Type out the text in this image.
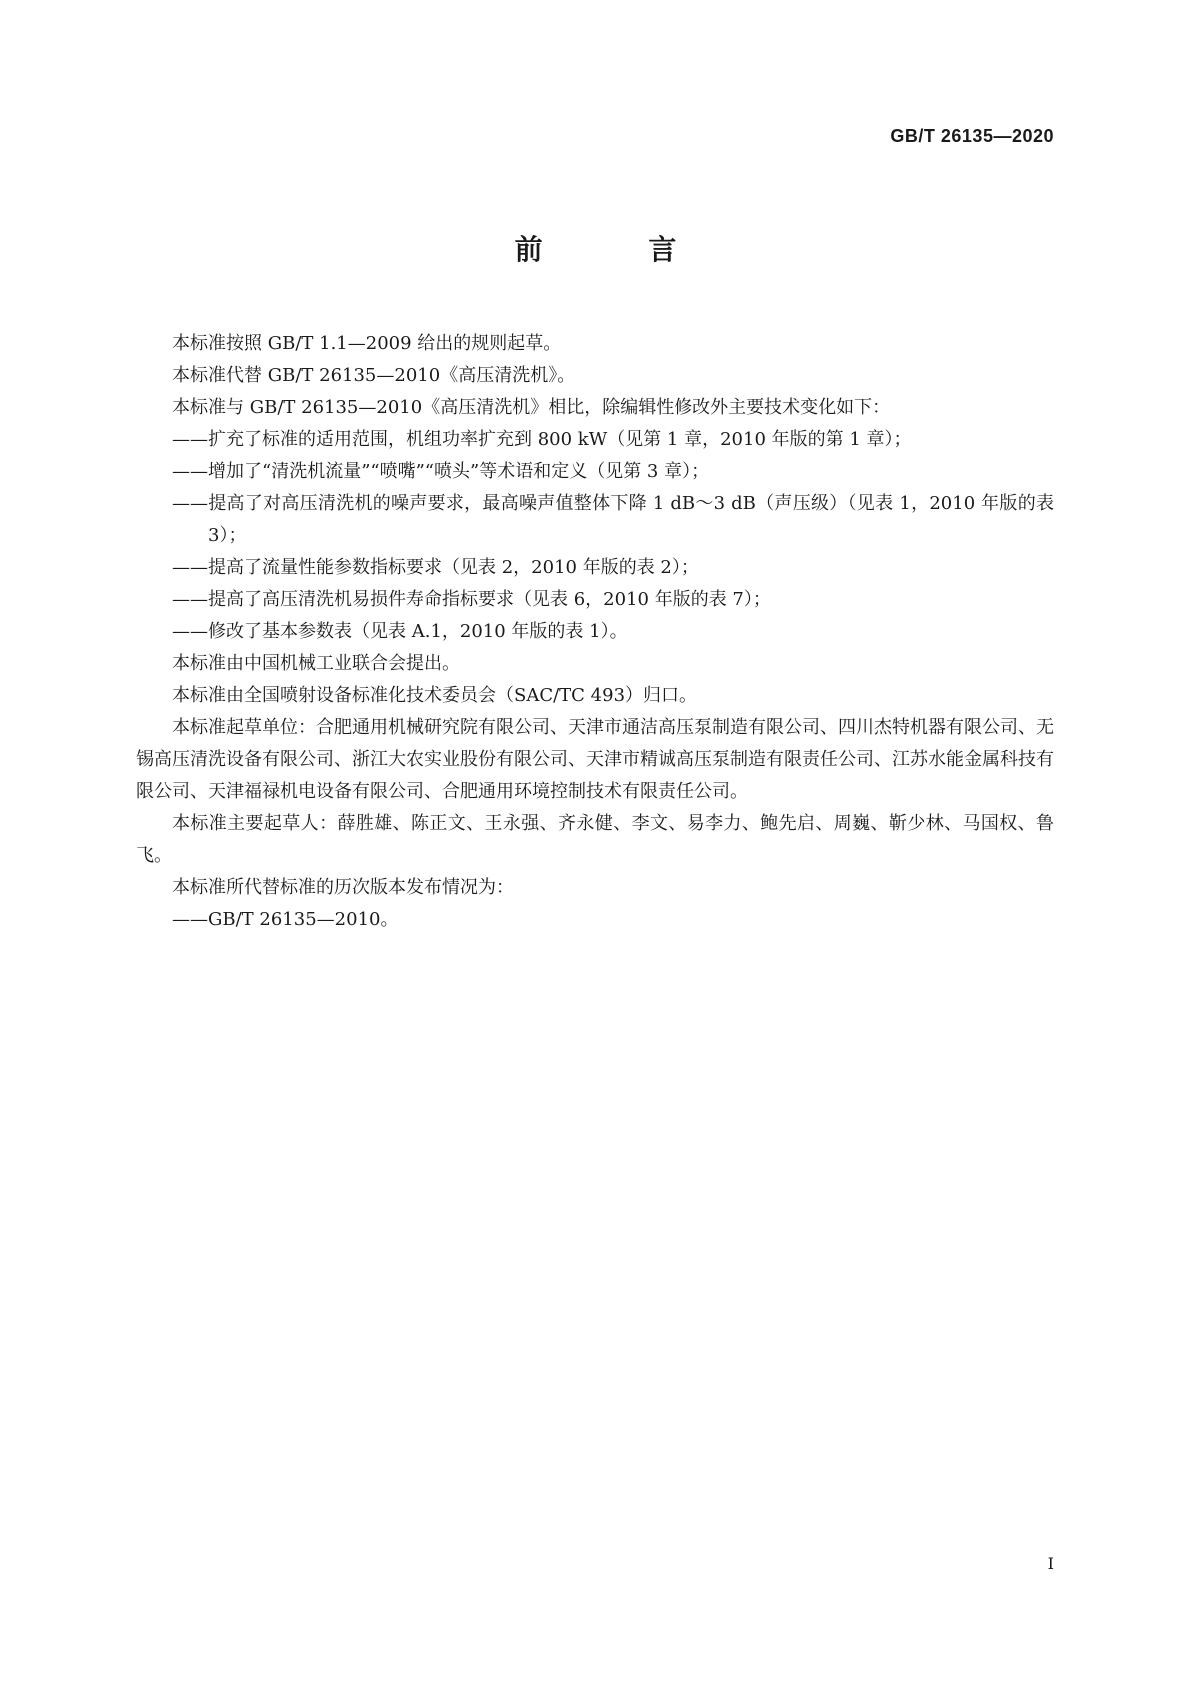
GB/T 26135—2020
前 言

本标准按照 GB/T 1.1—2009 给出的规则起草。

本标准代替 GB/T 26135—2010《高压清洗机》。

本标准与 GB/T 26135—2010《高压清洗机》相比，除编辑性修改外主要技术变化如下：

——扩充了标准的适用范围，机组功率扩充到 800 kW（见第 1 章，2010 年版的第 1 章）；

——增加了“清洗机流量”“喷嘴”“喷头”等术语和定义（见第 3 章）；

——提高了对高压清洗机的噪声要求，最高噪声值整体下降 1 dB～3 dB（声压级）（见表 1，2010 年版的表 3）；

——提高了流量性能参数指标要求（见表 2，2010 年版的表 2）；

——提高了高压清洗机易损件寿命指标要求（见表 6，2010 年版的表 7）；

——修改了基本参数表（见表 A.1，2010 年版的表 1）。

本标准由中国机械工业联合会提出。

本标准由全国喷射设备标准化技术委员会（SAC/TC 493）归口。

本标准起草单位：合肥通用机械研究院有限公司、天津市通洁高压泵制造有限公司、四川杰特机器有限公司、无锡高压清洗设备有限公司、浙江大农实业股份有限公司、天津市精诚高压泵制造有限责任公司、江苏水能金属科技有限公司、天津福禄机电设备有限公司、合肥通用环境控制技术有限责任公司。

本标准主要起草人：薛胜雄、陈正文、王永强、齐永健、李文、易李力、鲍先启、周巍、靳少林、马国权、鲁飞。

本标准所代替标准的历次版本发布情况为：

——GB/T 26135—2010。

I
